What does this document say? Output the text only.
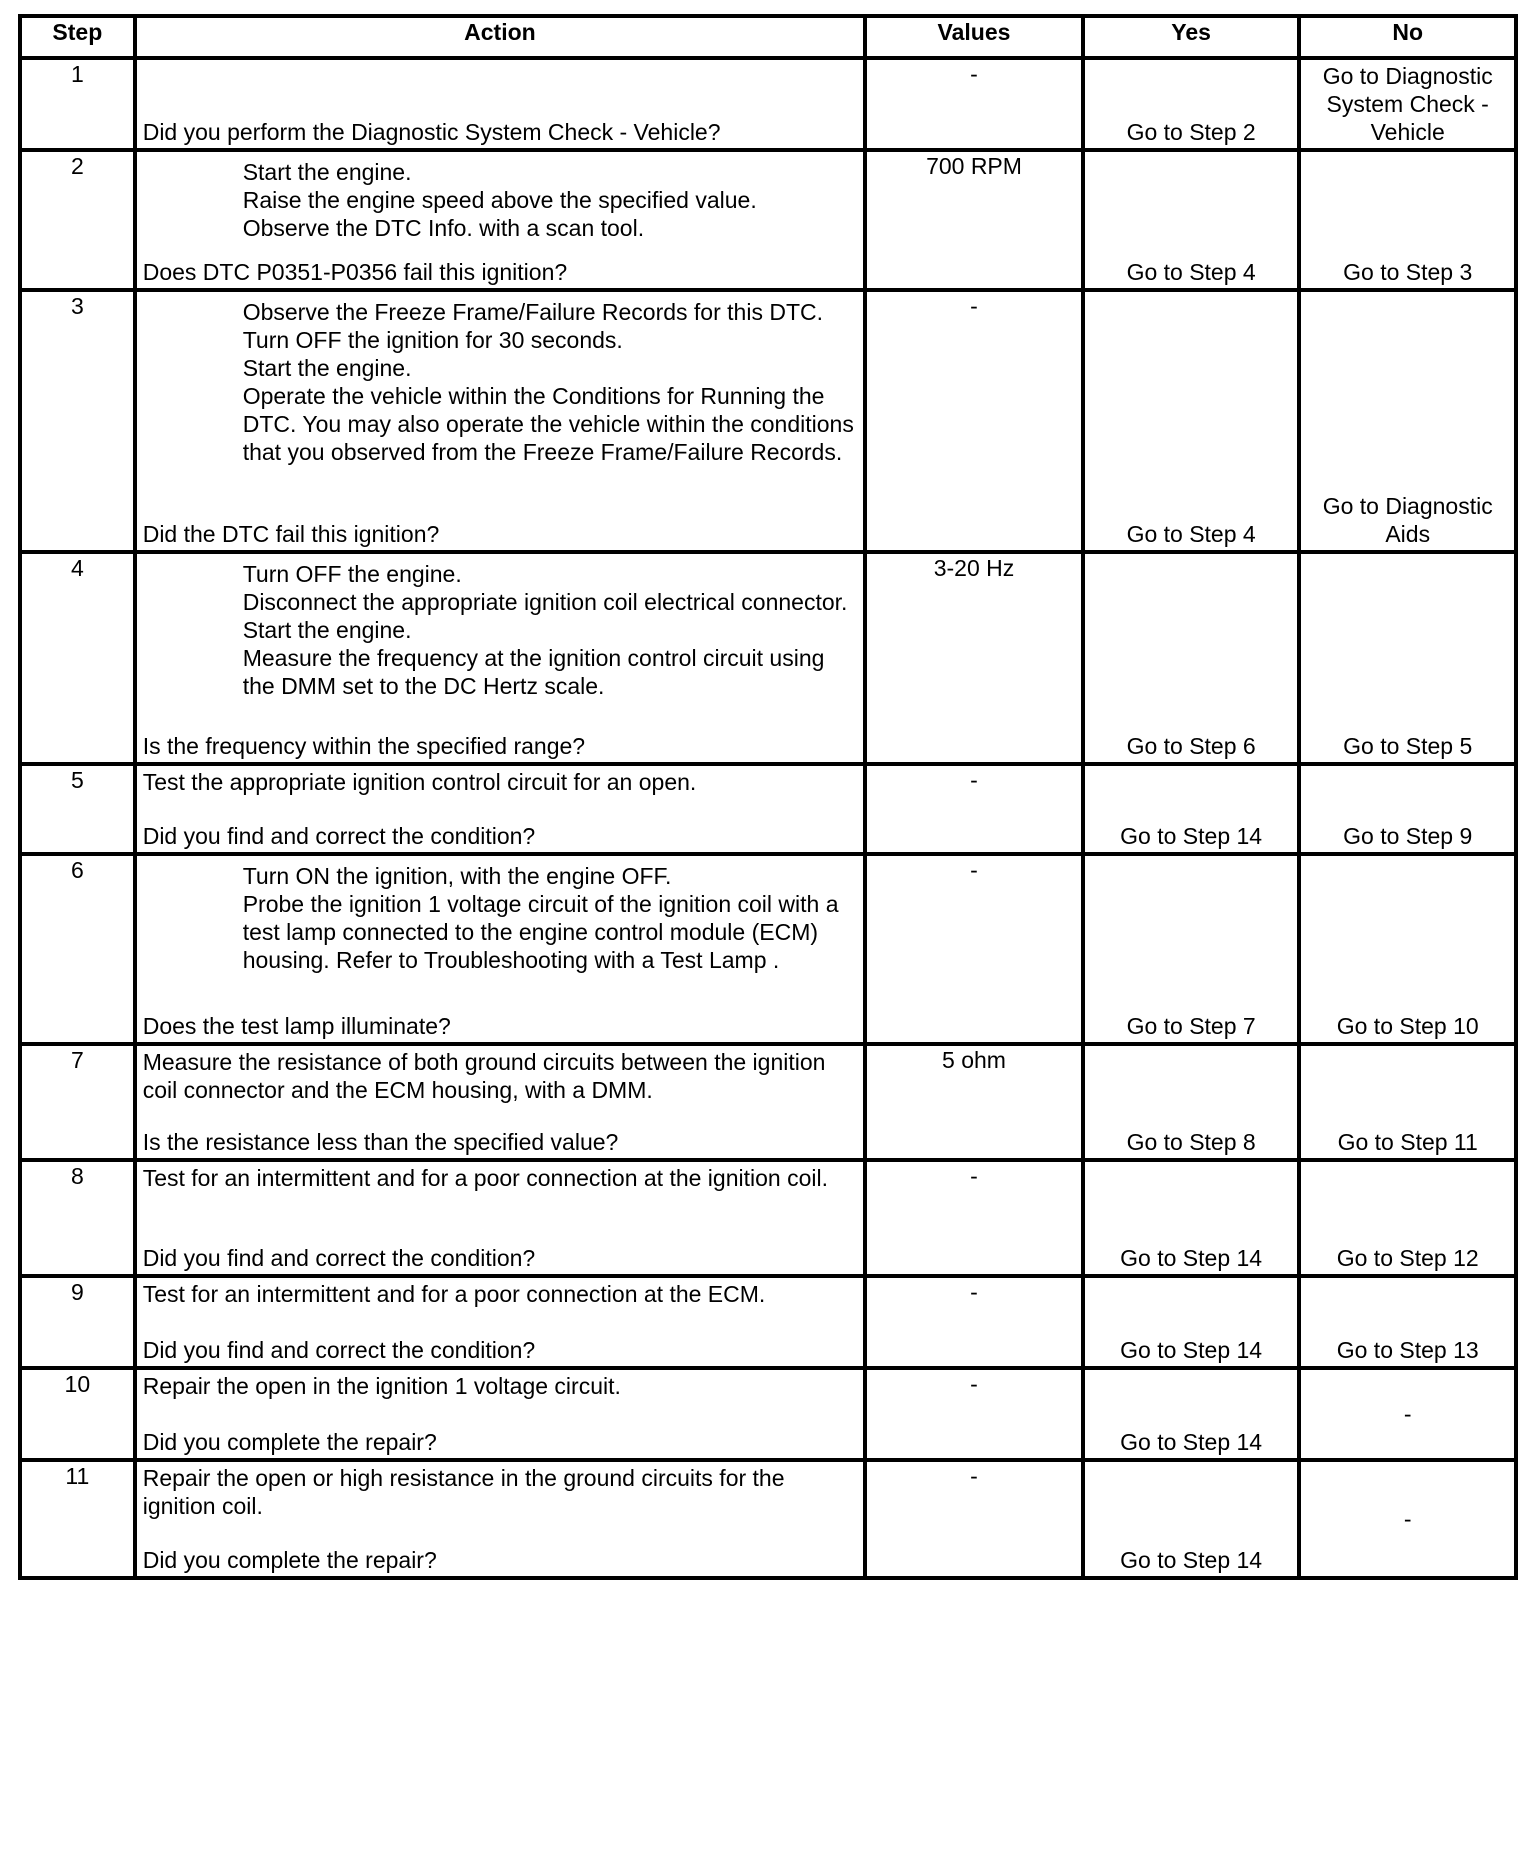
Step	Action	Values	Yes	No
1	Did you perform the Diagnostic System Check - Vehicle?	-	Go to Step 2	Go to Diagnostic System Check - Vehicle

2	Start the engine.
Raise the engine speed above the specified value.
Observe the DTC Info. with a scan tool.
Does DTC P0351-P0356 fail this ignition?	700 RPM	Go to Step 4	Go to Step 3

3	Observe the Freeze Frame/Failure Records for this DTC.
Turn OFF the ignition for 30 seconds.
Start the engine.
Operate the vehicle within the Conditions for Running the DTC. You may also operate the vehicle within the conditions that you observed from the Freeze Frame/Failure Records.
Did the DTC fail this ignition?	-	Go to Step 4	Go to Diagnostic Aids

4	Turn OFF the engine.
Disconnect the appropriate ignition coil electrical connector.
Start the engine.
Measure the frequency at the ignition control circuit using the DMM set to the DC Hertz scale.
Is the frequency within the specified range?	3-20 Hz	Go to Step 6	Go to Step 5

5	Test the appropriate ignition control circuit for an open.
Did you find and correct the condition?	-	Go to Step 14	Go to Step 9

6	Turn ON the ignition, with the engine OFF.
Probe the ignition 1 voltage circuit of the ignition coil with a test lamp connected to the engine control module (ECM) housing. Refer to Troubleshooting with a Test Lamp .
Does the test lamp illuminate?	-	Go to Step 7	Go to Step 10

7	Measure the resistance of both ground circuits between the ignition coil connector and the ECM housing, with a DMM.
Is the resistance less than the specified value?	5 ohm	Go to Step 8	Go to Step 11

8	Test for an intermittent and for a poor connection at the ignition coil.
Did you find and correct the condition?	-	Go to Step 14	Go to Step 12

9	Test for an intermittent and for a poor connection at the ECM.
Did you find and correct the condition?	-	Go to Step 14	Go to Step 13

10	Repair the open in the ignition 1 voltage circuit.
Did you complete the repair?	-	Go to Step 14	-

11	Repair the open or high resistance in the ground circuits for the ignition coil.
Did you complete the repair?	-	Go to Step 14	-
